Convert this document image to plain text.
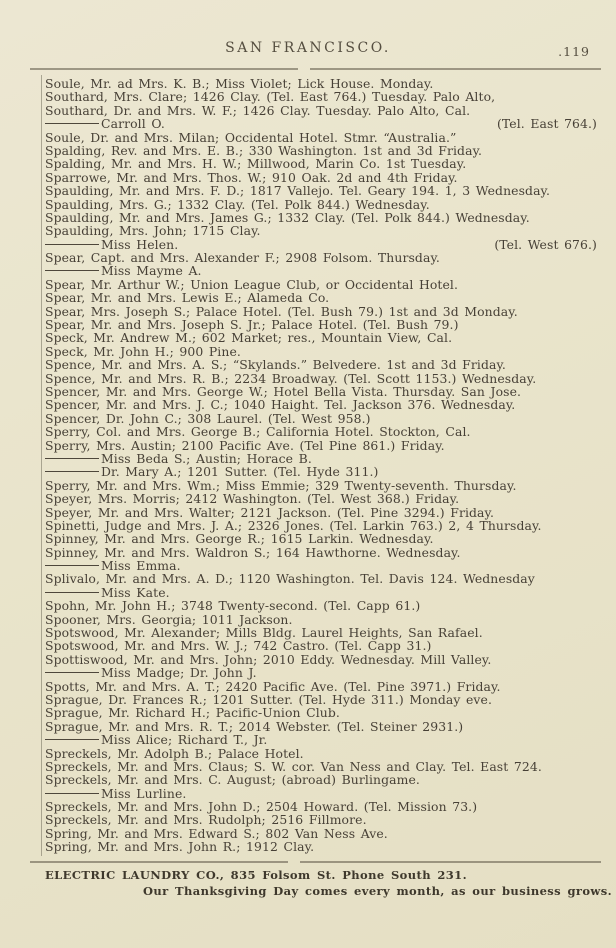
SAN FRANCISCO.	.119
Soule, Mr. ad Mrs. K. B.; Miss Violet; Lick House. Monday.
Southard, Mrs. Clare; 1426 Clay. (Tel. East 764.) Tuesday. Palo Alto,
Southard, Dr. and Mrs. W. F.; 1426 Clay. Tuesday. Palo Alto, Cal.
Carroll O.	(Tel. East 764.)
Soule, Dr. and Mrs. Milan; Occidental Hotel. Stmr. “Australia.”
Spalding, Rev. and Mrs. E. B.; 330 Washington. 1st and 3d Friday.
Spalding, Mr. and Mrs. H. W.; Millwood, Marin Co. 1st Tuesday.
Sparrowe, Mr. and Mrs. Thos. W.; 910 Oak. 2d and 4th Friday.
Spaulding, Mr. and Mrs. F. D.; 1817 Vallejo. Tel. Geary 194. 1, 3 Wednesday.
Spaulding, Mrs. G.; 1332 Clay. (Tel. Polk 844.) Wednesday.
Spaulding, Mr. and Mrs. James G.; 1332 Clay. (Tel. Polk 844.) Wednesday.
Spaulding, Mrs. John; 1715 Clay.
Miss Helen.	(Tel. West 676.)
Spear, Capt. and Mrs. Alexander F.; 2908 Folsom. Thursday.
Miss Mayme A.
Spear, Mr. Arthur W.; Union League Club, or Occidental Hotel.
Spear, Mr. and Mrs. Lewis E.; Alameda Co.
Spear, Mrs. Joseph S.; Palace Hotel. (Tel. Bush 79.) 1st and 3d Monday.
Spear, Mr. and Mrs. Joseph S. Jr.; Palace Hotel. (Tel. Bush 79.)
Speck, Mr. Andrew M.; 602 Market; res., Mountain View, Cal.
Speck, Mr. John H.; 900 Pine.
Spence, Mr. and Mrs. A. S.; “Skylands.” Belvedere. 1st and 3d Friday.
Spence, Mr. and Mrs. R. B.; 2234 Broadway. (Tel. Scott 1153.) Wednesday.
Spencer, Mr. and Mrs. George W.; Hotel Bella Vista. Thursday. San Jose.
Spencer, Mr. and Mrs. J. C.; 1040 Haight. Tel. Jackson 376. Wednesday.
Spencer, Dr. John C.; 308 Laurel. (Tel. West 958.)
Sperry, Col. and Mrs. George B.; California Hotel. Stockton, Cal.
Sperry, Mrs. Austin; 2100 Pacific Ave. (Tel Pine 861.) Friday.
Miss Beda S.; Austin; Horace B.
Dr. Mary A.; 1201 Sutter. (Tel. Hyde 311.)
Sperry, Mr. and Mrs. Wm.; Miss Emmie; 329 Twenty-seventh. Thursday.
Speyer, Mrs. Morris; 2412 Washington. (Tel. West 368.) Friday.
Speyer, Mr. and Mrs. Walter; 2121 Jackson. (Tel. Pine 3294.) Friday.
Spinetti, Judge and Mrs. J. A.; 2326 Jones. (Tel. Larkin 763.) 2, 4 Thursday.
Spinney, Mr. and Mrs. George R.; 1615 Larkin. Wednesday.
Spinney, Mr. and Mrs. Waldron S.; 164 Hawthorne. Wednesday.
Miss Emma.
Splivalo, Mr. and Mrs. A. D.; 1120 Washington. Tel. Davis 124. Wednesday
Miss Kate.
Spohn, Mr. John H.; 3748 Twenty-second. (Tel. Capp 61.)
Spooner, Mrs. Georgia; 1011 Jackson.
Spotswood, Mr. Alexander; Mills Bldg. Laurel Heights, San Rafael.
Spotswood, Mr. and Mrs. W. J.; 742 Castro. (Tel. Capp 31.)
Spottiswood, Mr. and Mrs. John; 2010 Eddy. Wednesday. Mill Valley.
Miss Madge; Dr. John J.
Spotts, Mr. and Mrs. A. T.; 2420 Pacific Ave. (Tel. Pine 3971.) Friday.
Sprague, Dr. Frances R.; 1201 Sutter. (Tel. Hyde 311.) Monday eve.
Sprague, Mr. Richard H.; Pacific-Union Club.
Sprague, Mr. and Mrs. R. T.; 2014 Webster. (Tel. Steiner 2931.)
Miss Alice; Richard T., Jr.
Spreckels, Mr. Adolph B.; Palace Hotel.
Spreckels, Mr. and Mrs. Claus; S. W. cor. Van Ness and Clay. Tel. East 724.
Spreckels, Mr. and Mrs. C. August; (abroad) Burlingame.
Miss Lurline.
Spreckels, Mr. and Mrs. John D.; 2504 Howard. (Tel. Mission 73.)
Spreckels, Mr. and Mrs. Rudolph; 2516 Fillmore.
Spring, Mr. and Mrs. Edward S.; 802 Van Ness Ave.
Spring, Mr. and Mrs. John R.; 1912 Clay.
ELECTRIC LAUNDRY CO., 835 Folsom St. Phone South 231.
Our Thanksgiving Day comes every month, as our business grows.
